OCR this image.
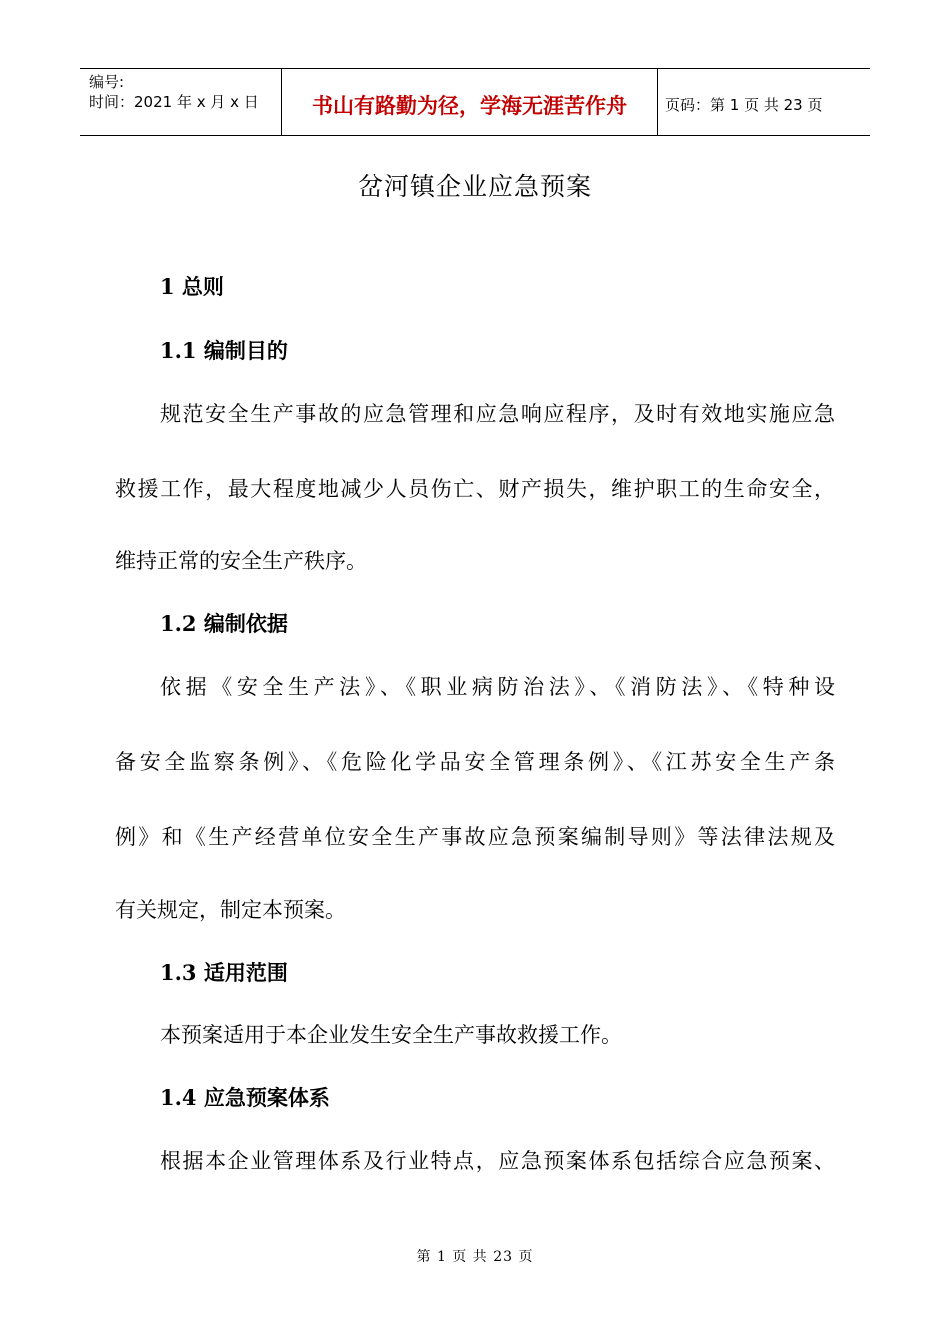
编号:
时间：2021 年 x 月 x 日	书山有路勤为径，学海无涯苦作舟	页码：第 1 页 共 23 页
岔河镇企业应急预案
1 总则
1.1 编制目的
规范安全生产事故的应急管理和应急响应程序，及时有效地实施应急
救援工作，最大程度地减少人员伤亡、财产损失，维护职工的生命安全，
维持正常的安全生产秩序。
1.2 编制依据
依据《安全生产法》、《职业病防治法》、《消防法》、《特种设
备安全监察条例》、《危险化学品安全管理条例》、《江苏安全生产条
例》和《生产经营单位安全生产事故应急预案编制导则》等法律法规及
有关规定，制定本预案。
1.3 适用范围
本预案适用于本企业发生安全生产事故救援工作。
1.4 应急预案体系
根据本企业管理体系及行业特点，应急预案体系包括综合应急预案、
第 1 页 共 23 页
